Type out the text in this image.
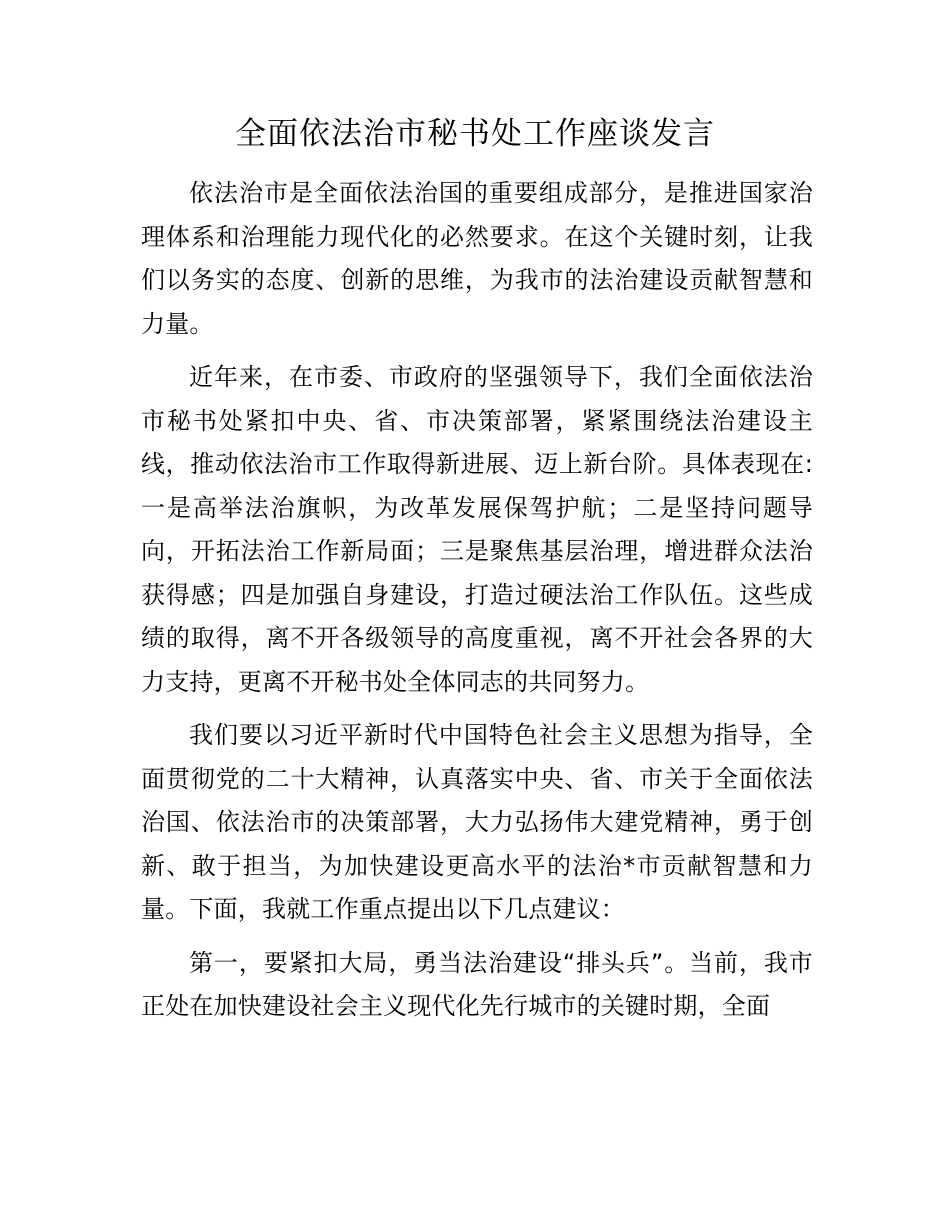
全面依法治市秘书处工作座谈发言

依法治市是全面依法治国的重要组成部分，是推进国家治理体系和治理能力现代化的必然要求。在这个关键时刻，让我们以务实的态度、创新的思维，为我市的法治建设贡献智慧和力量。

近年来，在市委、市政府的坚强领导下，我们全面依法治市秘书处紧扣中央、省、市决策部署，紧紧围绕法治建设主线，推动依法治市工作取得新进展、迈上新台阶。具体表现在:一是高举法治旗帜，为改革发展保驾护航；二是坚持问题导向，开拓法治工作新局面；三是聚焦基层治理，增进群众法治获得感；四是加强自身建设，打造过硬法治工作队伍。这些成绩的取得，离不开各级领导的高度重视，离不开社会各界的大力支持，更离不开秘书处全体同志的共同努力。

我们要以习近平新时代中国特色社会主义思想为指导，全面贯彻党的二十大精神，认真落实中央、省、市关于全面依法治国、依法治市的决策部署，大力弘扬伟大建党精神，勇于创新、敢于担当，为加快建设更高水平的法治*市贡献智慧和力量。下面，我就工作重点提出以下几点建议：

第一，要紧扣大局，勇当法治建设“排头兵”。当前，我市正处在加快建设社会主义现代化先行城市的关键时期，全面
